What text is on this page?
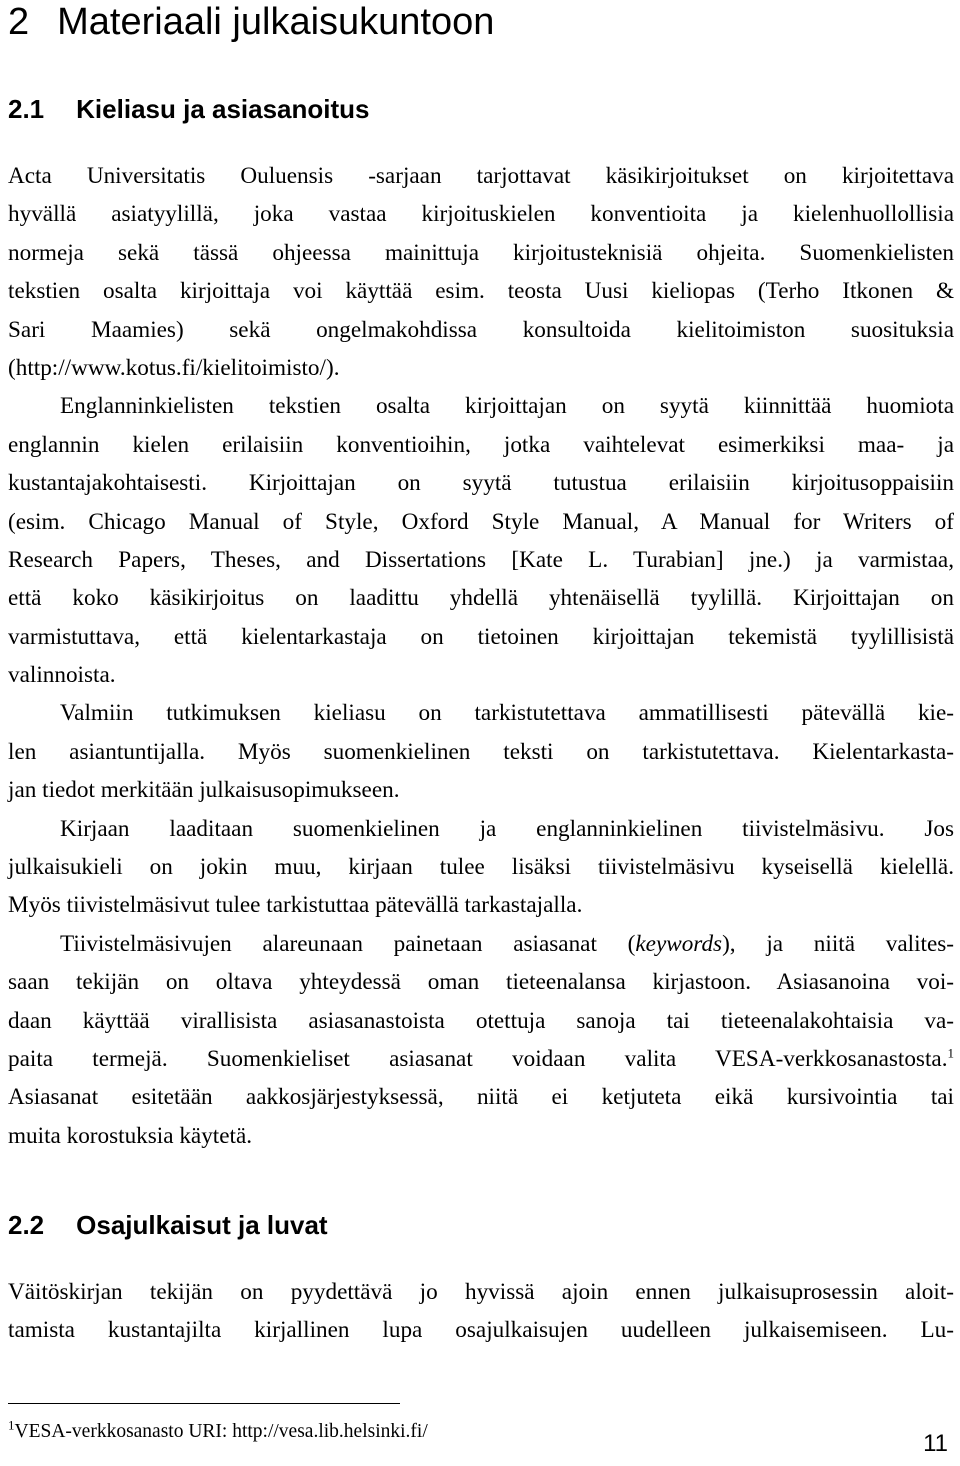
2 Materiaali julkaisukuntoon
2.1 Kieliasu ja asiasanoitus
Acta Universitatis Ouluensis -sarjaan tarjottavat käsikirjoitukset on kirjoitettava
hyvällä asiatyylillä, joka vastaa kirjoituskielen konventioita ja kielenhuollollisia
normeja sekä tässä ohjeessa mainittuja kirjoitusteknisiä ohjeita. Suomenkielisten
tekstien osalta kirjoittaja voi käyttää esim. teosta Uusi kieliopas (Terho Itkonen &
Sari Maamies) sekä ongelmakohdissa konsultoida kielitoimiston suosituksia
(http://www.kotus.fi/kielitoimisto/).
Englanninkielisten tekstien osalta kirjoittajan on syytä kiinnittää huomiota
englannin kielen erilaisiin konventioihin, jotka vaihtelevat esimerkiksi maa- ja
kustantajakohtaisesti. Kirjoittajan on syytä tutustua erilaisiin kirjoitusoppaisiin
(esim. Chicago Manual of Style, Oxford Style Manual, A Manual for Writers of
Research Papers, Theses, and Dissertations [Kate L. Turabian] jne.) ja varmistaa,
että koko käsikirjoitus on laadittu yhdellä yhtenäisellä tyylillä. Kirjoittajan on
varmistuttava, että kielentarkastaja on tietoinen kirjoittajan tekemistä tyylillisistä
valinnoista.
Valmiin tutkimuksen kieliasu on tarkistutettava ammatillisesti pätevällä kie-
len asiantuntijalla. Myös suomenkielinen teksti on tarkistutettava. Kielentarkasta-
jan tiedot merkitään julkaisusopimukseen.
Kirjaan laaditaan suomenkielinen ja englanninkielinen tiivistelmäsivu. Jos
julkaisukieli on jokin muu, kirjaan tulee lisäksi tiivistelmäsivu kyseisellä kielellä.
Myös tiivistelmäsivut tulee tarkistuttaa pätevällä tarkastajalla.
Tiivistelmäsivujen alareunaan painetaan asiasanat (keywords), ja niitä valites-
saan tekijän on oltava yhteydessä oman tieteenalansa kirjastoon. Asiasanoina voi-
daan käyttää virallisista asiasanastoista otettuja sanoja tai tieteenalakohtaisia va-
paita termejä. Suomenkieliset asiasanat voidaan valita VESA-verkkosanastosta.$^1$
Asiasanat esitetään aakkosjärjestyksessä, niitä ei ketjuteta eikä kursivointia tai
muita korostuksia käytetä.
2.2 Osajulkaisut ja luvat
Väitöskirjan tekijän on pyydettävä jo hyvissä ajoin ennen julkaisuprosessin aloit-
tamista kustantajilta kirjallinen lupa osajulkaisujen uudelleen julkaisemiseen. Lu-
$^1$VESA-verkkosanasto URI: http://vesa.lib.helsinki.fi/	11
